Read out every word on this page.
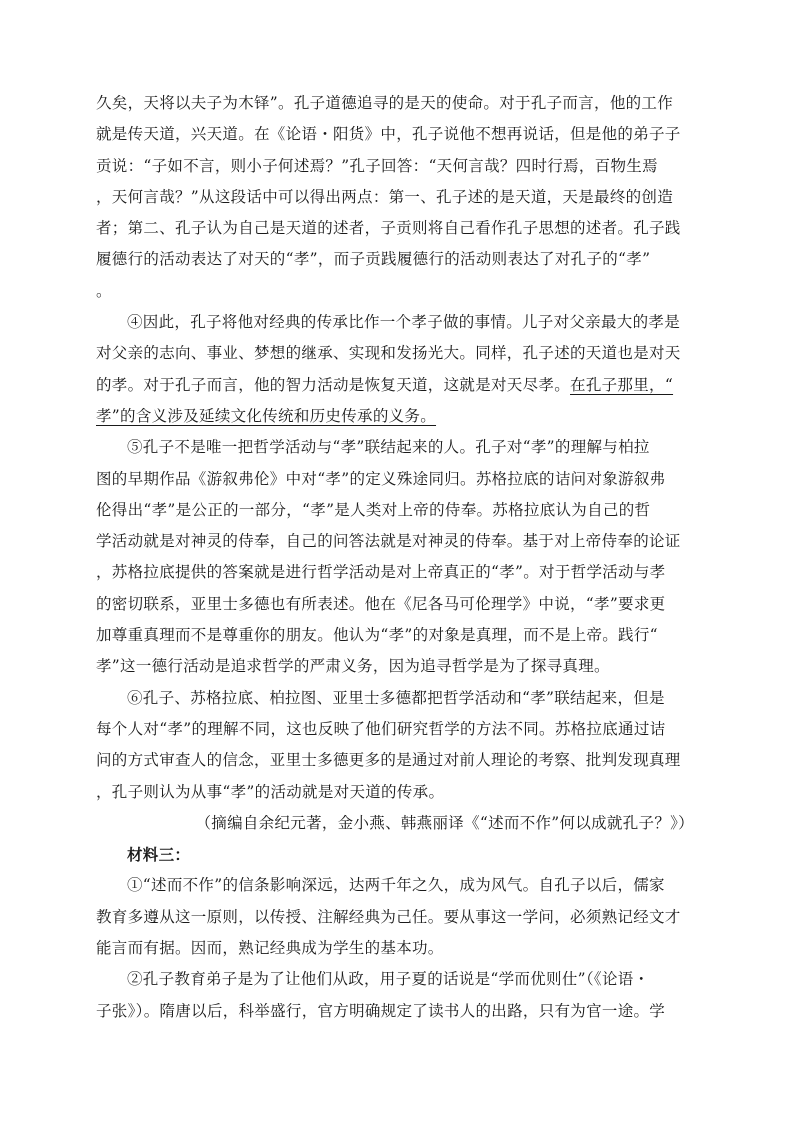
久矣，天将以夫子为木铎”。孔子道德追寻的是天的使命。对于孔子而言，他的工作
就是传天道，兴天道。在《论语・阳货》中，孔子说他不想再说话，但是他的弟子子
贡说：“子如不言，则小子何述焉？”孔子回答：“天何言哉？四时行焉，百物生焉
，天何言哉？”从这段话中可以得出两点：第一、孔子述的是天道，天是最终的创造
者；第二、孔子认为自己是天道的述者，子贡则将自己看作孔子思想的述者。孔子践
履德行的活动表达了对天的“孝”，而子贡践履德行的活动则表达了对孔子的“孝”
。
④因此，孔子将他对经典的传承比作一个孝子做的事情。儿子对父亲最大的孝是
对父亲的志向、事业、梦想的继承、实现和发扬光大。同样，孔子述的天道也是对天
的孝。对于孔子而言，他的智力活动是恢复天道，这就是对天尽孝。在孔子那里，“
孝”的含义涉及延续文化传统和历史传承的义务。
⑤孔子不是唯一把哲学活动与“孝”联结起来的人。孔子对“孝”的理解与柏拉
图的早期作品《游叙弗伦》中对“孝”的定义殊途同归。苏格拉底的诘问对象游叙弗
伦得出“孝”是公正的一部分，“孝”是人类对上帝的侍奉。苏格拉底认为自己的哲
学活动就是对神灵的侍奉，自己的问答法就是对神灵的侍奉。基于对上帝侍奉的论证
，苏格拉底提供的答案就是进行哲学活动是对上帝真正的“孝”。对于哲学活动与孝
的密切联系，亚里士多德也有所表述。他在《尼各马可伦理学》中说，“孝”要求更
加尊重真理而不是尊重你的朋友。他认为“孝”的对象是真理，而不是上帝。践行“
孝”这一德行活动是追求哲学的严肃义务，因为追寻哲学是为了探寻真理。
⑥孔子、苏格拉底、柏拉图、亚里士多德都把哲学活动和“孝”联结起来，但是
每个人对“孝”的理解不同，这也反映了他们研究哲学的方法不同。苏格拉底通过诘
问的方式审查人的信念，亚里士多德更多的是通过对前人理论的考察、批判发现真理
，孔子则认为从事“孝”的活动就是对天道的传承。
（摘编自余纪元著，金小燕、韩燕丽译《“述而不作”何以成就孔子？》）
材料三：
①“述而不作”的信条影响深远，达两千年之久，成为风气。自孔子以后，儒家
教育多遵从这一原则，以传授、注解经典为己任。要从事这一学问，必须熟记经文才
能言而有据。因而，熟记经典成为学生的基本功。
②孔子教育弟子是为了让他们从政，用子夏的话说是“学而优则仕”（《论语・
子张》）。隋唐以后，科举盛行，官方明确规定了读书人的出路，只有为官一途。学
